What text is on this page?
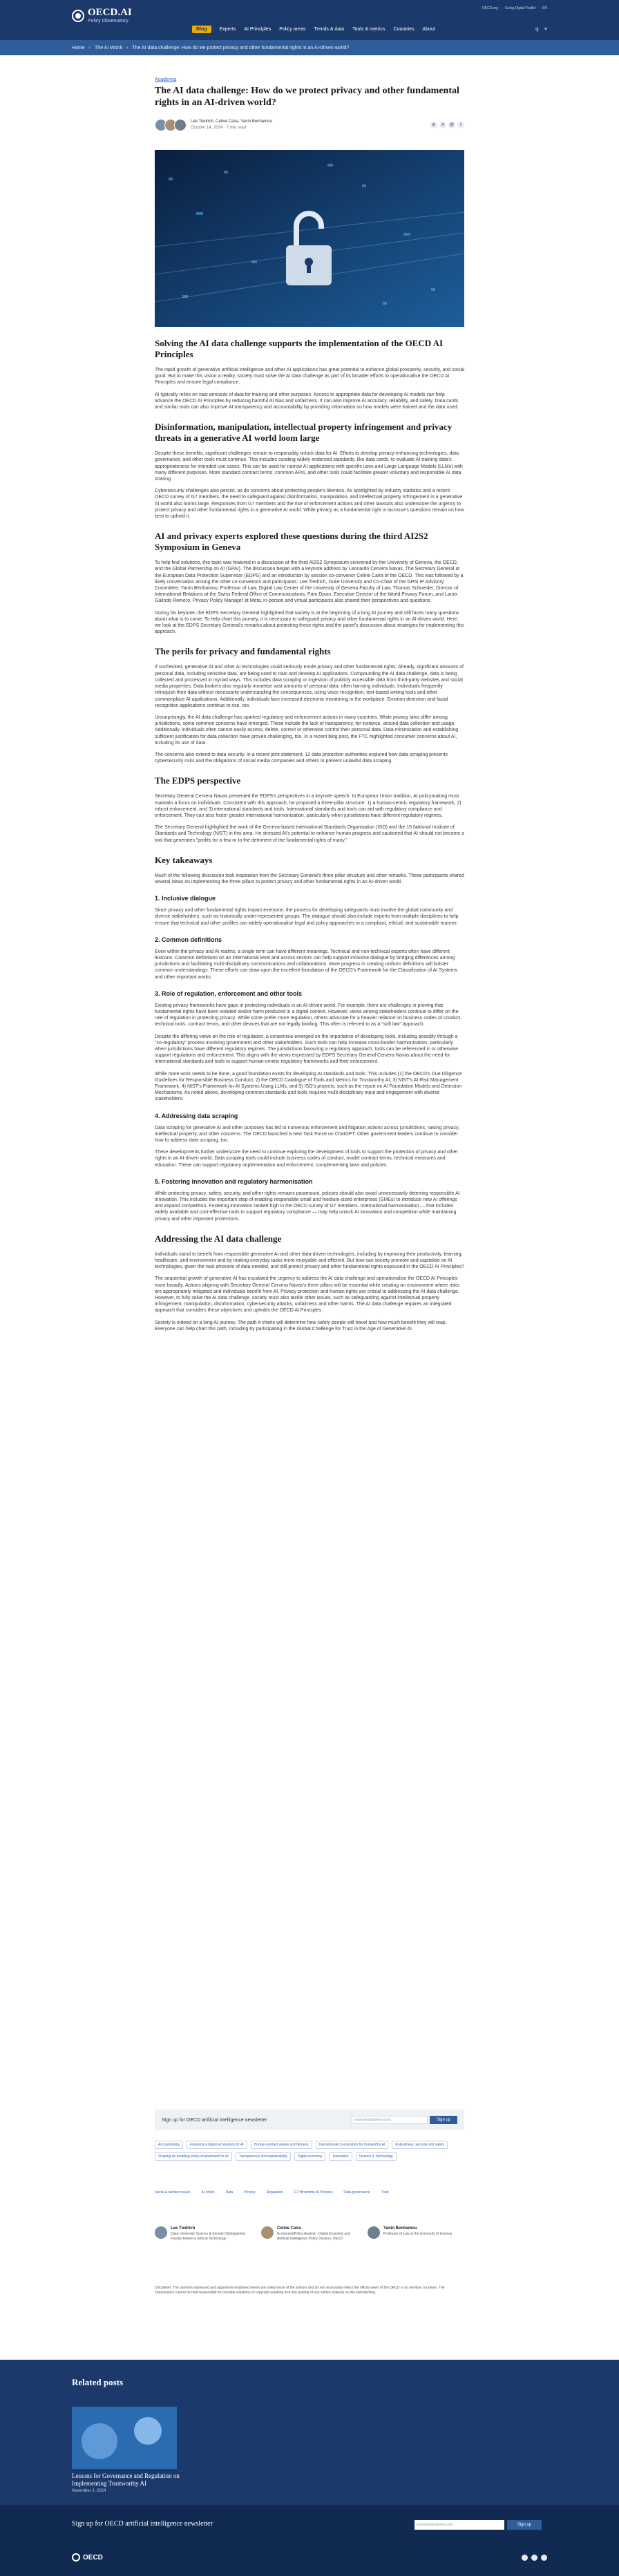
OECD.AI
Policy Observatory
OECD.org Going Digital Toolkit EN
Blog	Experts AI Principles Policy areas Trends & data Tools & metrics Countries About	⚲ ≡
Home › The AI Wonk › The AI data challenge: How do we protect privacy and other fundamental rights in an AI-driven world?
Academia
The AI data challenge: How do we protect privacy and other fundamental rights in an AI-driven world?
Lee Tiedrich, Celine Caira, Yanin Benhamou
October 14, 2024 · 7 min read
in	X	@	f
Solving the AI data challenge supports the implementation of the OECD AI Principles

The rapid growth of generative artificial intelligence and other AI applications has great potential to enhance global prosperity, security, and social good. But to make this vision a reality, society must solve the AI data challenge as part of its broader efforts to operationalise the OECD AI Principles and ensure legal compliance.

AI typically relies on vast amounts of data for training and other purposes. Access to appropriate data for developing AI models can help advance the OECD AI Principles by reducing harmful AI bias and unfairness. It can also improve AI accuracy, reliability, and safety. Data cards and similar tools can also improve AI transparency and accountability by providing information on how models were trained and the data used.

Disinformation, manipulation, intellectual property infringement and privacy threats in a generative AI world loom large

Despite these benefits, significant challenges remain to responsibly unlock data for AI. Efforts to develop privacy-enhancing technologies, data governance, and other tools must continue. This includes curating widely endorsed standards, like data cards, to evaluate AI training data's appropriateness for intended use cases. This can be used for narrow AI applications with specific uses and Large Language Models (LLMs) with many different purposes. More standard contract terms, common APIs, and other tools could facilitate greater voluntary and responsible AI data sharing.

Cybersecurity challenges also persist, as do concerns about protecting people's likeness. As spotlighted by industry statistics and a recent OECD survey of G7 members, the need to safeguard against disinformation, manipulation, and intellectual property infringement in a generative AI world also looms large. Responses from G7 members and the rise of enforcement actions and other lawsuits also underscore the urgency to protect privacy and other fundamental rights in a generative AI world. While privacy as a fundamental right is lacrosse's questions remain on how best to uphold it.

AI and privacy experts explored these questions during the third AI2S2 Symposium in Geneva

To help find solutions, this topic was featured in a discussion at the third AI2S2 Symposium convened by the University of Geneva, the OECD, and the Global Partnership on AI (GPAI). The discussion began with a keynote address by Leonardo Cervera Navas, The Secretary General at the European Data Protection Supervisor (EDPS) and an introduction by session co-convenor Celine Caira of the OECD. This was followed by a lively conversation among the other co-convenors and participants: Lee Tiedrich, Duke University and Co-Chair of the GPAI IP Advisory Committee; Yanin Benhamou, Professor of Law, Digital Law Center of the University of Geneva Faculty of Law, Thomas Schneider, Director of International Relations at the Swiss Federal Office of Communications, Pam Dixon, Executive Director of the World Privacy Forum, and Laura Galindo Romero, Privacy Policy Manager at Meta, in-person and virtual participants also shared their perspectives and questions.

During his keynote, the EDPS Secretary General highlighted that society is at the beginning of a long AI journey and still faces many questions about what is to come. To help chart this journey, it is necessary to safeguard privacy and other fundamental rights in an AI-driven world. Here, we look at the EDPS Secretary General's remarks about protecting these rights and the panel's discussion about strategies for implementing this approach.

The perils for privacy and fundamental rights

If unchecked, generative AI and other AI technologies could seriously erode privacy and other fundamental rights. Already, significant amounts of personal data, including sensitive data, are being used to train and develop AI applications. Compounding the AI data challenge, data is being collected and processed in myriad ways. This includes data scraping or ingestion of publicly accessible data from third-party websites and social media properties. Data brokers also regularly monetise vast amounts of personal data, often harming individuals. Individuals frequently relinquish their data without necessarily understanding the consequences, using voice recognition, text-based writing tools and other commonplace AI applications. Additionally, individuals face increased electronic monitoring in the workplace. Emotion detection and facial recognition applications continue to rise, too.

Unsurprisingly, the AI data challenge has sparked regulatory and enforcement actions in many countries. While privacy laws differ among jurisdictions, some common concerns have emerged. These include the lack of transparency, for instance, around data collection and usage. Additionally, individuals often cannot easily access, delete, correct or otherwise control their personal data. Data minimisation and establishing sufficient justification for data collection have proven challenging, too. In a recent blog post, the FTC highlighted consumer concerns about AI, including its use of data.

The concerns also extend to data security. In a recent joint statement, 12 data protection authorities explored how data scraping presents cybersecurity risks and the obligations of social media companies and others to prevent unlawful data scraping.

The EDPS perspective

Secretary General Cervera Navas presented the EDPS's perspectives in a keynote speech. In European Union tradition, AI policymaking must maintain a focus on individuals. Consistent with this approach, he proposed a three-pillar structure: 1) a human-centric regulatory framework, 2) robust enforcement, and 3) international standards and tools. International standards and tools can aid with regulatory compliance and enforcement. They can also foster greater international harmonisation, particularly when jurisdictions have different regulatory regimes.

The Secretary General highlighted the work of the Geneva-based International Standards Organisation (ISO) and the 15 National Institute of Standards and Technology (NIST) in this area. He stressed AI's potential to enhance human progress and cautioned that AI should not become a tool that generates "profits for a few or to the detriment of the fundamental rights of many."

Key takeaways

Much of the following discussion took inspiration from the Secretary General's three-pillar structure and other remarks. These participants shared several ideas on implementing the three pillars to protect privacy and other fundamental rights in an AI-driven world.

1. Inclusive dialogue

Since privacy and other fundamental rights impact everyone, the process for developing safeguards must involve the global community and diverse stakeholders, such as historically under-represented groups. The dialogue should also include experts from multiple disciplines to help ensure that technical and other profiles can widely operationalise legal and policy approaches in a compliant, ethical, and sustainable manner.

2. Common definitions

Even within the privacy and AI realms, a single term can have different meanings. Technical and non-technical experts often have different lexicons. Common definitions on an international level and across sectors can help support inclusive dialogue by bridging differences among jurisdictions and facilitating multi-disciplinary communications and collaborations. More progress in creating uniform definitions will bolster common understandings. These efforts can draw upon the excellent foundation of the OECD's Framework for the Classification of AI Systems and other important works.

3. Role of regulation, enforcement and other tools

Existing privacy frameworks have gaps in protecting individuals in an AI-driven world. For example, there are challenges in proving that fundamental rights have been violated and/or harm produced in a digital context. However, views among stakeholders continue to differ on the role of regulation in protecting privacy. While some prefer more regulation, others advocate for a heavier reliance on business codes of conduct, technical tools, contract terms, and other devices that are not legally binding. This often is referred to as a "soft law" approach.

Despite the differing views on the role of regulation, a consensus emerged on the importance of developing tools, including possibly through a "co-regulatory" process involving government and other stakeholders. Such tools can help increase cross-border harmonisation, particularly when jurisdictions have different regulatory regimes. The jurisdictions favouring a regulatory approach, tools can be referenced in or otherwise support regulations and enforcement. This aligns with the views expressed by EDPS Secretary General Cervera Navas about the need for international standards and tools to support human-centric regulatory frameworks and their enforcement.

While more work needs to be done, a good foundation exists for developing AI standards and tools. This includes (1) the OECD's Due Diligence Guidelines for Responsible Business Conduct, 2) the OECD Catalogue of Tools and Metrics for Trustworthy AI, 3) NIST's AI Risk Management Framework, 4) NIST's Framework for AI Systems Using LLMs, and 5) ISO's projects, such as the report on AI Foundation Models and Detection Mechanisms. As noted above, developing common standards and tools requires multi-disciplinary input and engagement with diverse stakeholders.

4. Addressing data scraping

Data scraping for generative AI and other purposes has led to numerous enforcement and litigation actions across jurisdictions, raising privacy, intellectual property, and other concerns. The OECD launched a new Task Force on ChatGPT. Other government leaders continue to consider how to address data scraping, too.

These developments further underscore the need to continue exploring the development of tools to support the protection of privacy and other rights in an AI-driven world. Data scraping tools could include business codes of conduct, model contract terms, technical measures and education. These can support regulatory implementation and enforcement, complementing laws and policies.

5. Fostering innovation and regulatory harmonisation

While protecting privacy, safety, security, and other rights remains paramount, policies should also avoid unnecessarily deterring responsible AI innovation. This includes the important step of enabling responsible small and medium-sized enterprises (SMEs) to introduce new AI offerings and expand competition. Fostering innovation ranked high in the OECD survey of G7 members. International harmonisation — that includes widely available and cost-effective tools to support regulatory compliance — may help unlock AI innovation and competition while maintaining privacy and other important protections.

Addressing the AI data challenge

Individuals stand to benefit from responsible generative AI and other data-driven technologies, including by improving their productivity, learning, healthcare, and environment and by making everyday tasks more enjoyable and efficient. But how can society promote and capitalise on AI technologies, given the vast amounts of data needed, and still protect privacy and other fundamental rights espoused in the OECD AI Principles?

The sequential growth of generative AI has escalated the urgency to address the AI data challenge and operationalise the OECD AI Principles more broadly. Actions aligning with Secretary General Cervera Navas's three pillars will be essential while creating an environment where risks are appropriately mitigated and individuals benefit from AI. Privacy protection and human rights are critical to addressing the AI data challenge. However, to fully solve the AI data challenge, society must also tackle other issues, such as safeguarding against intellectual property infringement, manipulation, disinformation, cybersecurity attacks, unfairness and other harms. The AI data challenge requires an integrated approach that considers these objectives and upholds the OECD AI Principles.

Society is indeed on a long AI journey. The path it charts will determine how safely people will travel and how much benefit they will reap. Everyone can help chart this path, including by participating in the Global Challenge for Trust in the Age of Generative AI.

Sign up for OECD artificial intelligence newsletter	example@address.com	Sign up
Accountability	Fostering a digital ecosystem for AI	Human-centred values and fairness	International co-operation for trustworthy AI	Robustness, security and safety
Shaping an enabling policy environment for AI	Transparency and explainability	Digital economy	Innovation	Science & Technology
Social & welfare issues	AI ethics	Data	Privacy	Regulation	G7 Hiroshima AI Process	Data governance	Trust
Lee Tiedrich
Duke University Science & Society Distinguished Faculty Fellow in Ethical Technology
Celine Caira
Economist/Policy Analyst - Digital Economy and Artificial Intelligence Policy Division, OECD
Yanin Benhamou
Professor of Law at the University of Geneva
Disclaimer: The opinions expressed and arguments employed herein are solely those of the authors and do not necessarily reflect the official views of the OECD or its member countries. The Organisation cannot be held responsible for possible violations of copyright resulting from the posting of any written material on this website/blog.
Related posts
Lessons for Governance and Regulation on Implementing Trustworthy AI
November 2, 2024
Sign up for OECD artificial intelligence newsletter	example@address.com	Sign up
OECD
